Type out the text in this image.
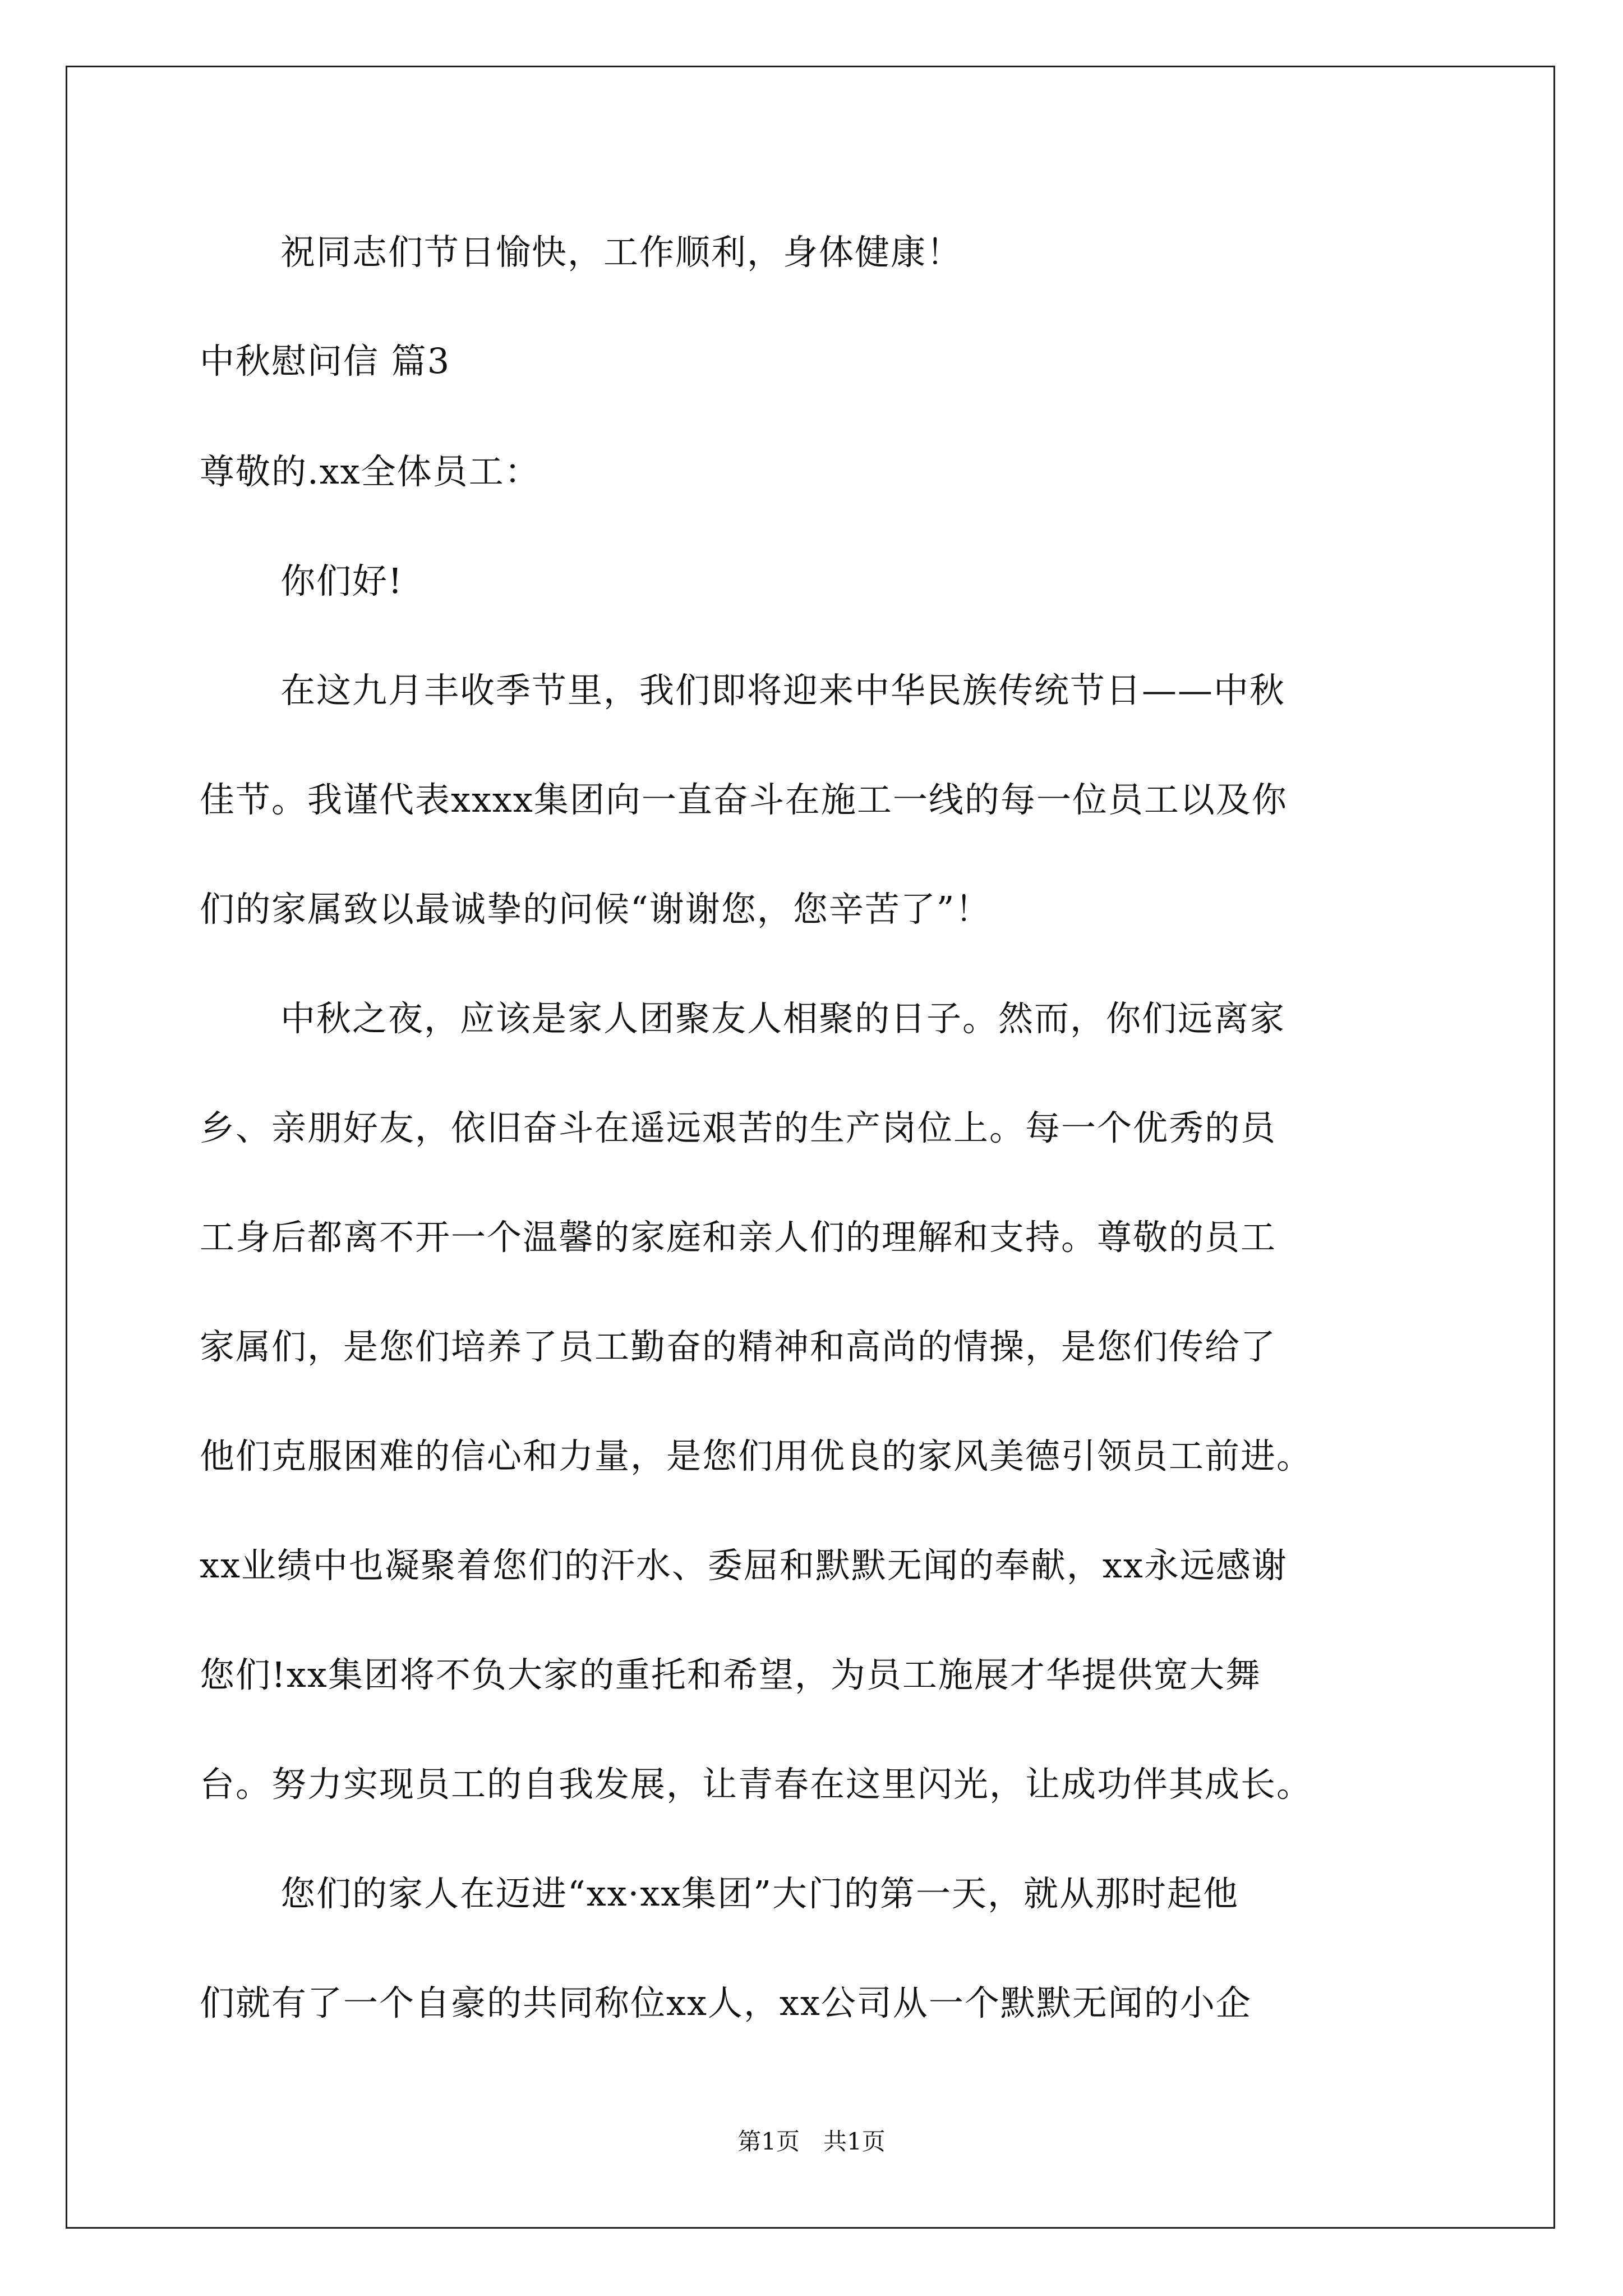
祝同志们节日愉快，工作顺利，身体健康！
中秋慰问信 篇3
尊敬的.xx全体员工：
你们好!
在这九月丰收季节里，我们即将迎来中华民族传统节日——中秋
佳节。我谨代表xxxx集团向一直奋斗在施工一线的每一位员工以及你
们的家属致以最诚挚的问候“谢谢您，您辛苦了”！
中秋之夜，应该是家人团聚友人相聚的日子。然而，你们远离家
乡、亲朋好友，依旧奋斗在遥远艰苦的生产岗位上。每一个优秀的员
工身后都离不开一个温馨的家庭和亲人们的理解和支持。尊敬的员工
家属们，是您们培养了员工勤奋的精神和高尚的情操，是您们传给了
他们克服困难的信心和力量，是您们用优良的家风美德引领员工前进。
xx业绩中也凝聚着您们的汗水、委屈和默默无闻的奉献，xx永远感谢
您们!xx集团将不负大家的重托和希望，为员工施展才华提供宽大舞
台。努力实现员工的自我发展，让青春在这里闪光，让成功伴其成长。
您们的家人在迈进“xx·xx集团”大门的第一天，就从那时起他
们就有了一个自豪的共同称位xx人，xx公司从一个默默无闻的小企
第1页　共1页
